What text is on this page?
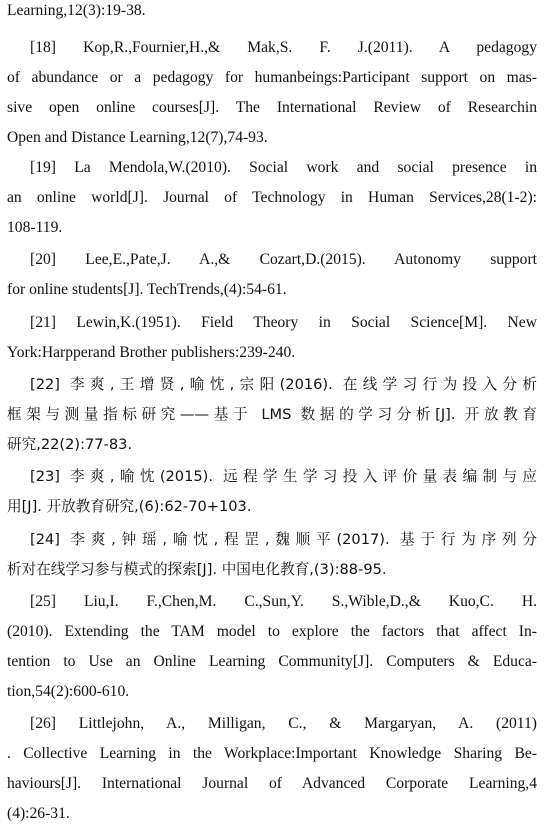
Learning,12(3):19-38.
[18] Kop,R.,Fournier,H.,& Mak,S. F. J.(2011). A pedagogy
of abundance or a pedagogy for humanbeings:Participant support on mas-
sive open online courses[J]. The International Review of Researchin
Open and Distance Learning,12(7),74-93.
[19] La Mendola,W.(2010). Social work and social presence in
an online world[J]. Journal of Technology in Human Services,28(1-2):
108-119.
[20] Lee,E.,Pate,J. A.,& Cozart,D.(2015). Autonomy support
for online students[J]. TechTrends,(4):54-61.
[21] Lewin,K.(1951). Field Theory in Social Science[M]. New
York:Harpperand Brother publishers:239-240.
[22] 李爽,王增贤,喻忱,宗阳(2016). 在线学习行为投入分析
框架与测量指标研究——基于 LMS 数据的学习分析[J]. 开放教育
研究,22(2):77-83.
[23] 李爽,喻忱(2015). 远程学生学习投入评价量表编制与应
用[J]. 开放教育研究,(6):62-70+103.
[24] 李爽,钟瑶,喻忱,程罡,魏顺平(2017). 基于行为序列分
析对在线学习参与模式的探索[J]. 中国电化教育,(3):88-95.
[25] Liu,I. F.,Chen,M. C.,Sun,Y. S.,Wible,D.,& Kuo,C. H.
(2010). Extending the TAM model to explore the factors that affect In-
tention to Use an Online Learning Community[J]. Computers & Educa-
tion,54(2):600-610.
[26] Littlejohn, A., Milligan, C., & Margaryan, A. (2011)
. Collective Learning in the Workplace:Important Knowledge Sharing Be-
haviours[J]. International Journal of Advanced Corporate Learning,4
(4):26-31.
